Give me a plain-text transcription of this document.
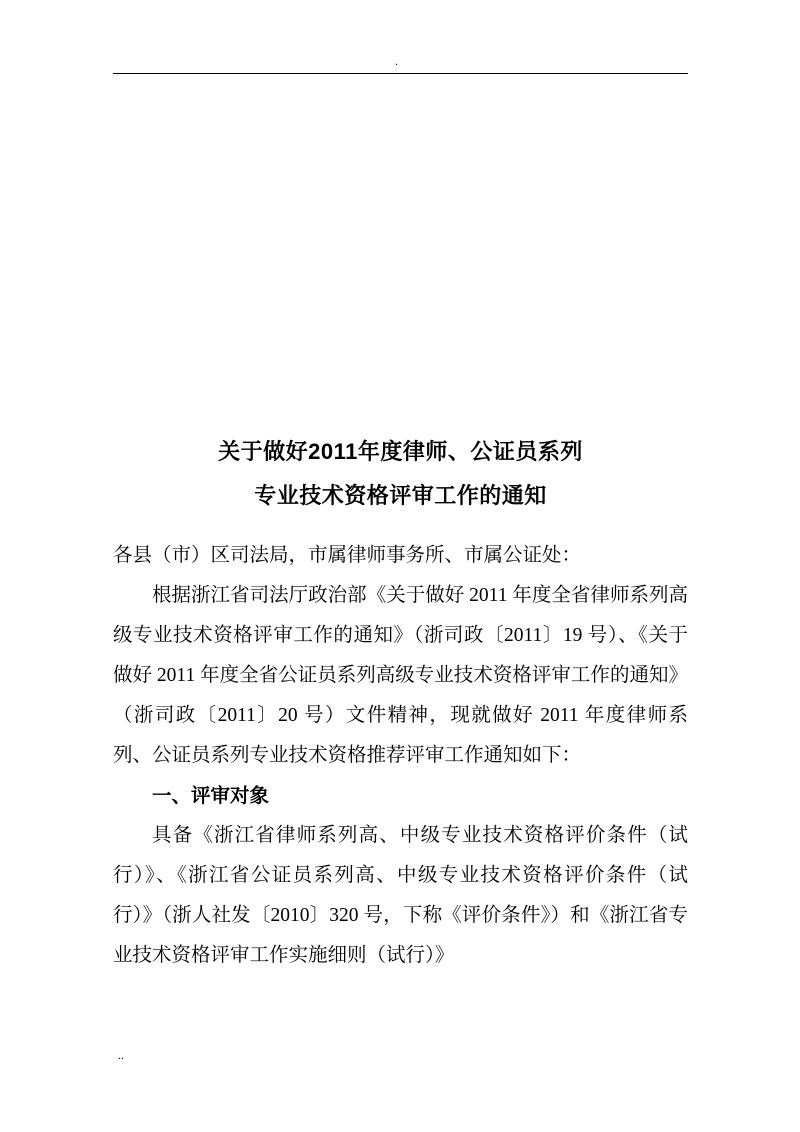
.
关于做好2011年度律师、公证员系列
专业技术资格评审工作的通知

各县（市）区司法局，市属律师事务所、市属公证处：

根据浙江省司法厅政治部《关于做好 2011 年度全省律师系列高级专业技术资格评审工作的通知》（浙司政〔2011〕19 号）、《关于做好 2011 年度全省公证员系列高级专业技术资格评审工作的通知》（浙司政〔2011〕20 号）文件精神，现就做好 2011 年度律师系列、公证员系列专业技术资格推荐评审工作通知如下：

一、评审对象

具备《浙江省律师系列高、中级专业技术资格评价条件（试行）》、《浙江省公证员系列高、中级专业技术资格评价条件（试行）》（浙人社发〔2010〕320 号，下称《评价条件》）和《浙江省专业技术资格评审工作实施细则（试行）》

..
